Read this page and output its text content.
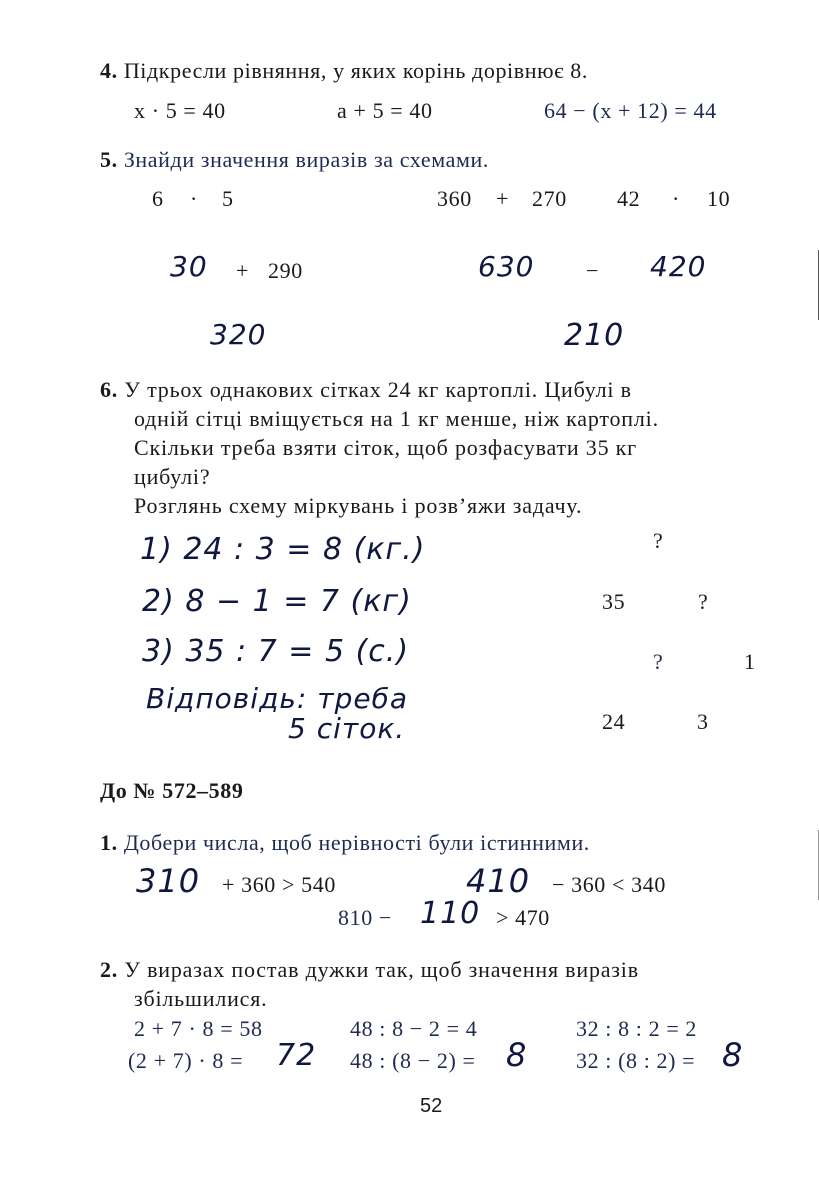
4. Підкресли рівняння, у яких корінь дорівнює 8.
x · 5 = 40	a + 5 = 40	64 − (x + 12) = 44
5. Знайди значення виразів за схемами.
6 · 5	360 + 270 42 · 10
30 + 290	630 − 420
320	210
6. У трьох однакових сітках 24 кг картоплі. Цибулі в
одній сітці вміщується на 1 кг менше, ніж картоплі.
Скільки треба взяти сіток, щоб розфасувати 35 кг
цибулі?
Розглянь схему міркувань і розв’яжи задачу.
1) 24 : 3 = 8 (кг.)
2) 8 − 1 = 7 (кг)
3) 35 : 7 = 5 (с.)
Відповідь: треба
5 сіток.
?
35	?
?	1
24	3
До № 572–589
1. Добери числа, щоб нерівності були істинними.
310 + 360 > 540	410 − 360 < 340
810 − 110 > 470
2. У виразах постав дужки так, щоб значення виразів
збільшилися.
2 + 7 · 8 = 58	48 : 8 − 2 = 4	32 : 8 : 2 = 2
(2 + 7) · 8 = 72 48 : (8 − 2) = 8 32 : (8 : 2) = 8
52
